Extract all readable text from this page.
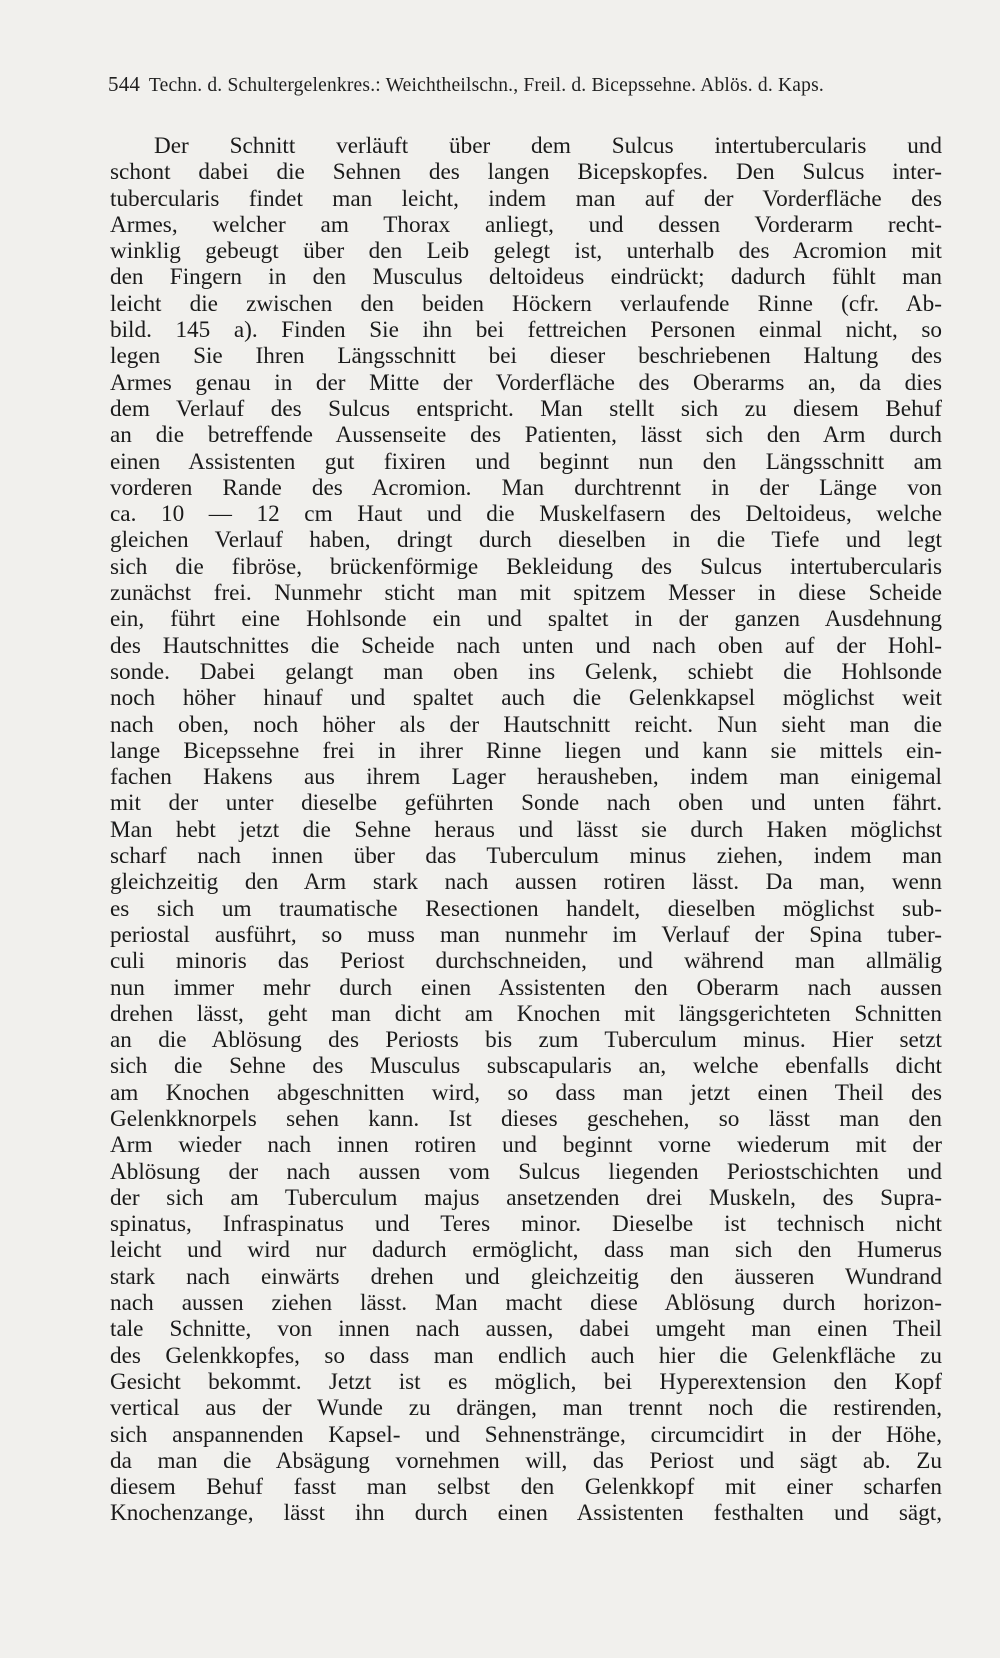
544 Techn. d. Schultergelenkres.: Weichtheilschn., Freil. d. Bicepssehne. Ablös. d. Kaps.
Der Schnitt verläuft über dem Sulcus intertubercularis und
schont dabei die Sehnen des langen Bicepskopfes. Den Sulcus inter-
tubercularis findet man leicht, indem man auf der Vorderfläche des
Armes, welcher am Thorax anliegt, und dessen Vorderarm recht-
winklig gebeugt über den Leib gelegt ist, unterhalb des Acromion mit
den Fingern in den Musculus deltoideus eindrückt; dadurch fühlt man
leicht die zwischen den beiden Höckern verlaufende Rinne (cfr. Ab-
bild. 145 a). Finden Sie ihn bei fettreichen Personen einmal nicht, so
legen Sie Ihren Längsschnitt bei dieser beschriebenen Haltung des
Armes genau in der Mitte der Vorderfläche des Oberarms an, da dies
dem Verlauf des Sulcus entspricht. Man stellt sich zu diesem Behuf
an die betreffende Aussenseite des Patienten, lässt sich den Arm durch
einen Assistenten gut fixiren und beginnt nun den Längsschnitt am
vorderen Rande des Acromion. Man durchtrennt in der Länge von
ca. 10 — 12 cm Haut und die Muskelfasern des Deltoideus, welche
gleichen Verlauf haben, dringt durch dieselben in die Tiefe und legt
sich die fibröse, brückenförmige Bekleidung des Sulcus intertubercularis
zunächst frei. Nunmehr sticht man mit spitzem Messer in diese Scheide
ein, führt eine Hohlsonde ein und spaltet in der ganzen Ausdehnung
des Hautschnittes die Scheide nach unten und nach oben auf der Hohl-
sonde. Dabei gelangt man oben ins Gelenk, schiebt die Hohlsonde
noch höher hinauf und spaltet auch die Gelenkkapsel möglichst weit
nach oben, noch höher als der Hautschnitt reicht. Nun sieht man die
lange Bicepssehne frei in ihrer Rinne liegen und kann sie mittels ein-
fachen Hakens aus ihrem Lager herausheben, indem man einigemal
mit der unter dieselbe geführten Sonde nach oben und unten fährt.
Man hebt jetzt die Sehne heraus und lässt sie durch Haken möglichst
scharf nach innen über das Tuberculum minus ziehen, indem man
gleichzeitig den Arm stark nach aussen rotiren lässt. Da man, wenn
es sich um traumatische Resectionen handelt, dieselben möglichst sub-
periostal ausführt, so muss man nunmehr im Verlauf der Spina tuber-
culi minoris das Periost durchschneiden, und während man allmälig
nun immer mehr durch einen Assistenten den Oberarm nach aussen
drehen lässt, geht man dicht am Knochen mit längsgerichteten Schnitten
an die Ablösung des Periosts bis zum Tuberculum minus. Hier setzt
sich die Sehne des Musculus subscapularis an, welche ebenfalls dicht
am Knochen abgeschnitten wird, so dass man jetzt einen Theil des
Gelenkknorpels sehen kann. Ist dieses geschehen, so lässt man den
Arm wieder nach innen rotiren und beginnt vorne wiederum mit der
Ablösung der nach aussen vom Sulcus liegenden Periostschichten und
der sich am Tuberculum majus ansetzenden drei Muskeln, des Supra-
spinatus, Infraspinatus und Teres minor. Dieselbe ist technisch nicht
leicht und wird nur dadurch ermöglicht, dass man sich den Humerus
stark nach einwärts drehen und gleichzeitig den äusseren Wundrand
nach aussen ziehen lässt. Man macht diese Ablösung durch horizon-
tale Schnitte, von innen nach aussen, dabei umgeht man einen Theil
des Gelenkkopfes, so dass man endlich auch hier die Gelenkfläche zu
Gesicht bekommt. Jetzt ist es möglich, bei Hyperextension den Kopf
vertical aus der Wunde zu drängen, man trennt noch die restirenden,
sich anspannenden Kapsel- und Sehnenstränge, circumcidirt in der Höhe,
da man die Absägung vornehmen will, das Periost und sägt ab. Zu
diesem Behuf fasst man selbst den Gelenkkopf mit einer scharfen
Knochenzange, lässt ihn durch einen Assistenten festhalten und sägt,
